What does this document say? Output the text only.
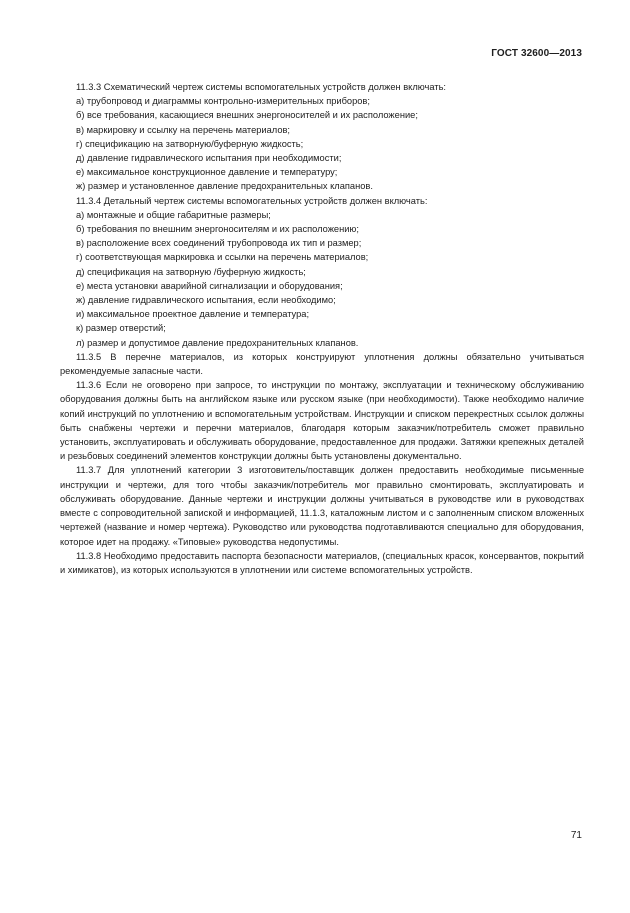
ГОСТ 32600—2013
11.3.3 Схематический чертеж системы вспомогательных устройств должен включать:
а) трубопровод и диаграммы контрольно-измерительных приборов;
б) все требования, касающиеся внешних энергоносителей и их расположение;
в) маркировку и ссылку на перечень материалов;
г) спецификацию на затворную/буферную жидкость;
д) давление гидравлического испытания при необходимости;
е) максимальное конструкционное давление и температуру;
ж) размер и установленное давление предохранительных клапанов.
11.3.4 Детальный чертеж системы вспомогательных устройств должен включать:
а) монтажные и общие габаритные размеры;
б) требования по внешним энергоносителям и их расположению;
в) расположение всех соединений трубопровода их тип и размер;
г) соответствующая маркировка и ссылки на перечень материалов;
д) спецификация на затворную /буферную жидкость;
е) места установки аварийной сигнализации и оборудования;
ж) давление гидравлического испытания, если необходимо;
и) максимальное проектное давление и температура;
к) размер отверстий;
л) размер и допустимое давление предохранительных клапанов.

11.3.5 В перечне материалов, из которых конструируют уплотнения должны обязательно учитываться рекомендуемые запасные части.

11.3.6 Если не оговорено при запросе, то инструкции по монтажу, эксплуатации и техническому обслуживанию оборудования должны быть на английском языке или русском языке (при необходимости). Также необходимо наличие копий инструкций по уплотнению и вспомогательным устройствам. Инструкции и списком перекрестных ссылок должны быть снабжены чертежи и перечни материалов, благодаря которым заказчик/потребитель сможет правильно установить, эксплуатировать и обслуживать оборудование, предоставленное для продажи. Затяжки крепежных деталей и резьбовых соединений элементов конструкции должны быть установлены документально.

11.3.7 Для уплотнений категории 3 изготовитель/поставщик должен предоставить необходимые письменные инструкции и чертежи, для того чтобы заказчик/потребитель мог правильно смонтировать, эксплуатировать и обслуживать оборудование. Данные чертежи и инструкции должны учитываться в руководстве или в руководствах вместе с сопроводительной запиской и информацией, 11.1.3, каталожным листом и с заполненным списком вложенных чертежей (название и номер чертежа). Руководство или руководства подготавливаются специально для оборудования, которое идет на продажу. «Типовые» руководства недопустимы.

11.3.8 Необходимо предоставить паспорта безопасности материалов, (специальных красок, консервантов, покрытий и химикатов), из которых используются в уплотнении или системе вспомогательных устройств.

71
